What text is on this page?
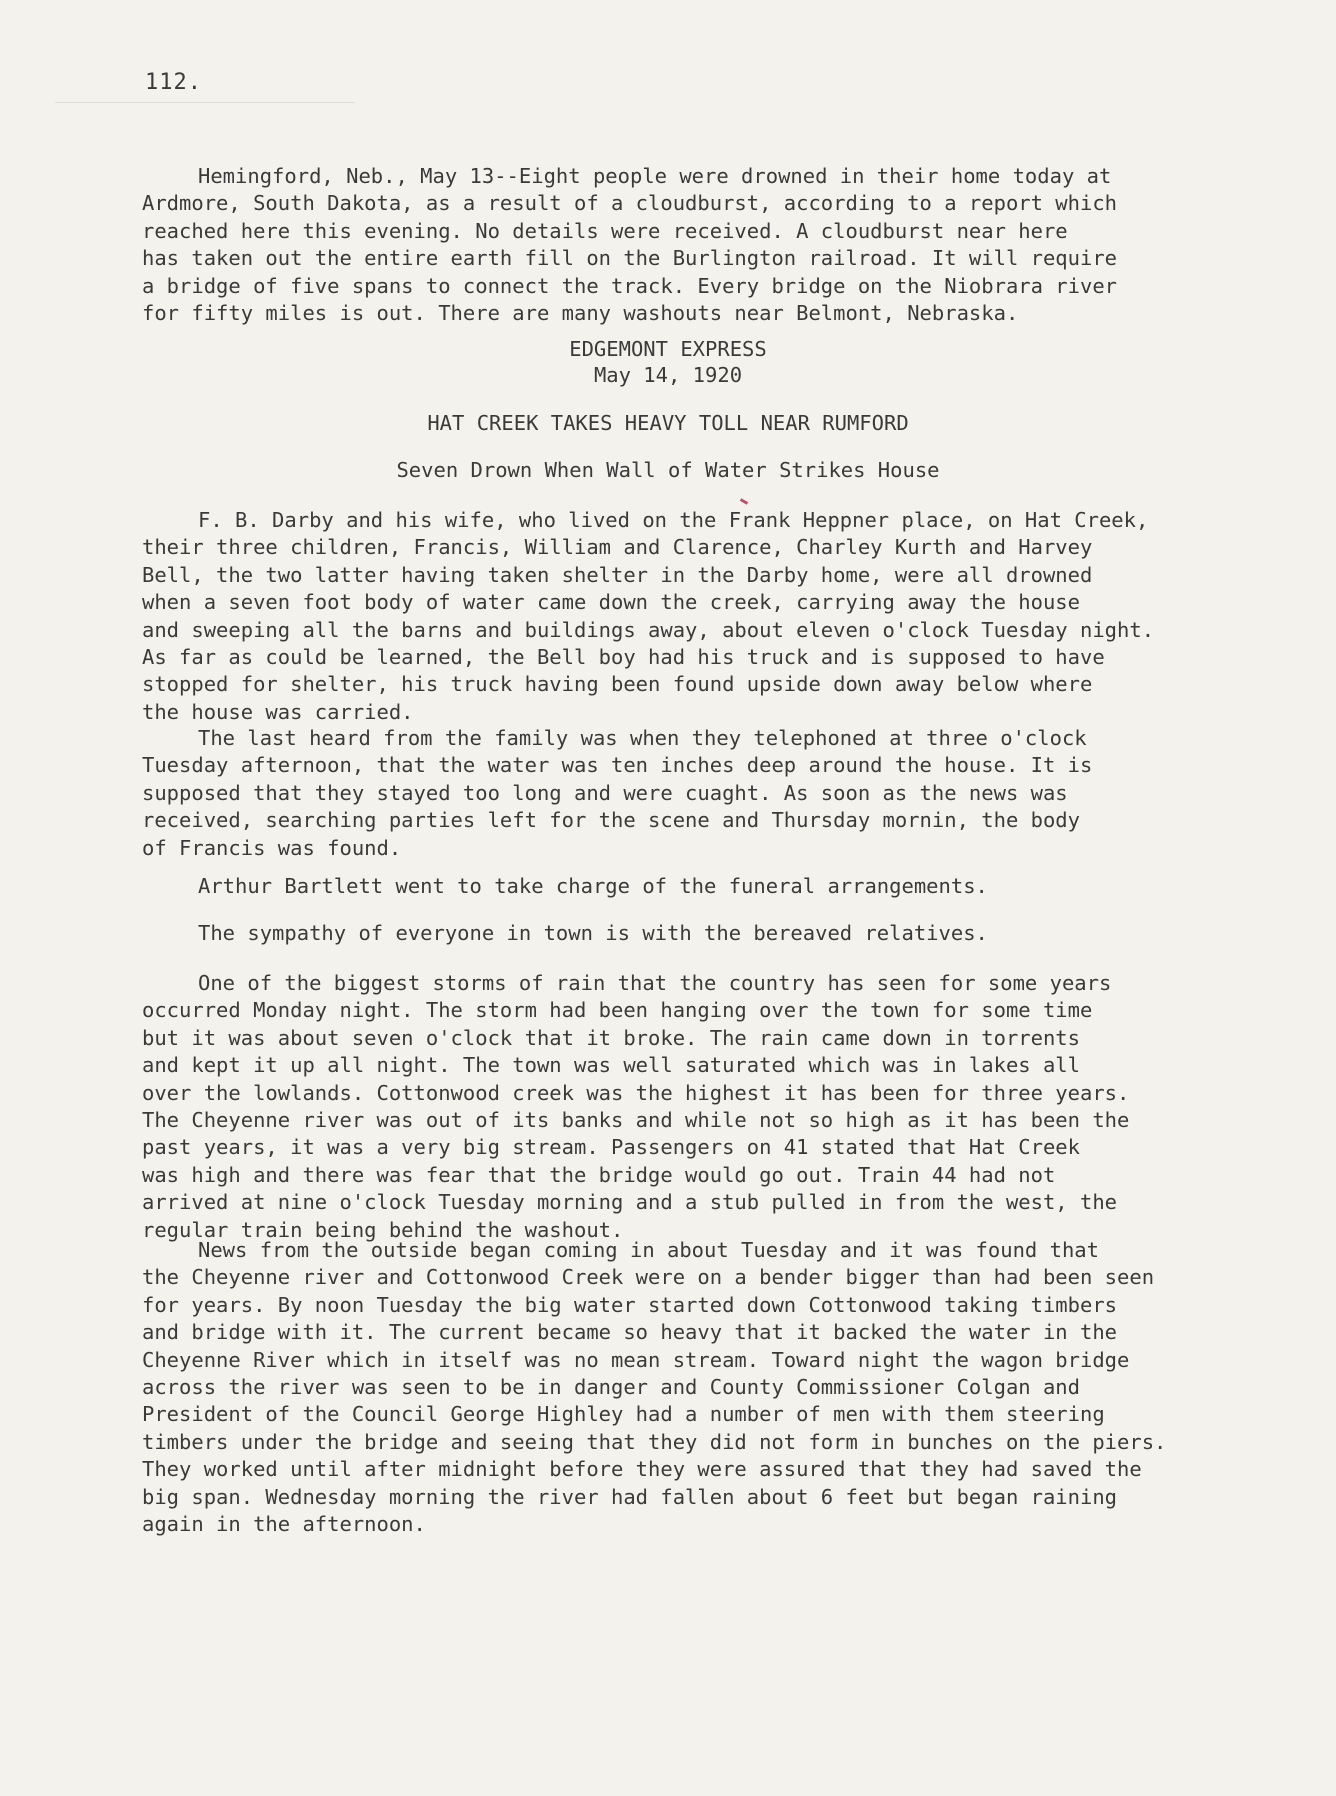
112.

Hemingford, Neb., May 13--Eight people were drowned in their home today at
Ardmore, South Dakota, as a result of a cloudburst, according to a report which
reached here this evening. No details were received. A cloudburst near here
has taken out the entire earth fill on the Burlington railroad. It will require
a bridge of five spans to connect the track. Every bridge on the Niobrara river
for fifty miles is out. There are many washouts near Belmont, Nebraska.

EDGEMONT EXPRESS
May 14, 1920
HAT CREEK TAKES HEAVY TOLL NEAR RUMFORD
Seven Drown When Wall of Water Strikes House

F. B. Darby and his wife, who lived on the Frank Heppner place, on Hat Creek,
their three children, Francis, William and Clarence, Charley Kurth and Harvey
Bell, the two latter having taken shelter in the Darby home, were all drowned
when a seven foot body of water came down the creek, carrying away the house
and sweeping all the barns and buildings away, about eleven o'clock Tuesday night.
As far as could be learned, the Bell boy had his truck and is supposed to have
stopped for shelter, his truck having been found upside down away below where
the house was carried.

The last heard from the family was when they telephoned at three o'clock
Tuesday afternoon, that the water was ten inches deep around the house. It is
supposed that they stayed too long and were cuaght. As soon as the news was
received, searching parties left for the scene and Thursday mornin, the body
of Francis was found.

Arthur Bartlett went to take charge of the funeral arrangements.

The sympathy of everyone in town is with the bereaved relatives.

One of the biggest storms of rain that the country has seen for some years
occurred Monday night. The storm had been hanging over the town for some time
but it was about seven o'clock that it broke. The rain came down in torrents
and kept it up all night. The town was well saturated which was in lakes all
over the lowlands. Cottonwood creek was the highest it has been for three years.
The Cheyenne river was out of its banks and while not so high as it has been the
past years, it was a very big stream. Passengers on 41 stated that Hat Creek
was high and there was fear that the bridge would go out. Train 44 had not
arrived at nine o'clock Tuesday morning and a stub pulled in from the west, the
regular train being behind the washout.

News from the outside began coming in about Tuesday and it was found that
the Cheyenne river and Cottonwood Creek were on a bender bigger than had been seen
for years. By noon Tuesday the big water started down Cottonwood taking timbers
and bridge with it. The current became so heavy that it backed the water in the
Cheyenne River which in itself was no mean stream. Toward night the wagon bridge
across the river was seen to be in danger and County Commissioner Colgan and
President of the Council George Highley had a number of men with them steering
timbers under the bridge and seeing that they did not form in bunches on the piers.
They worked until after midnight before they were assured that they had saved the
big span. Wednesday morning the river had fallen about 6 feet but began raining
again in the afternoon.
